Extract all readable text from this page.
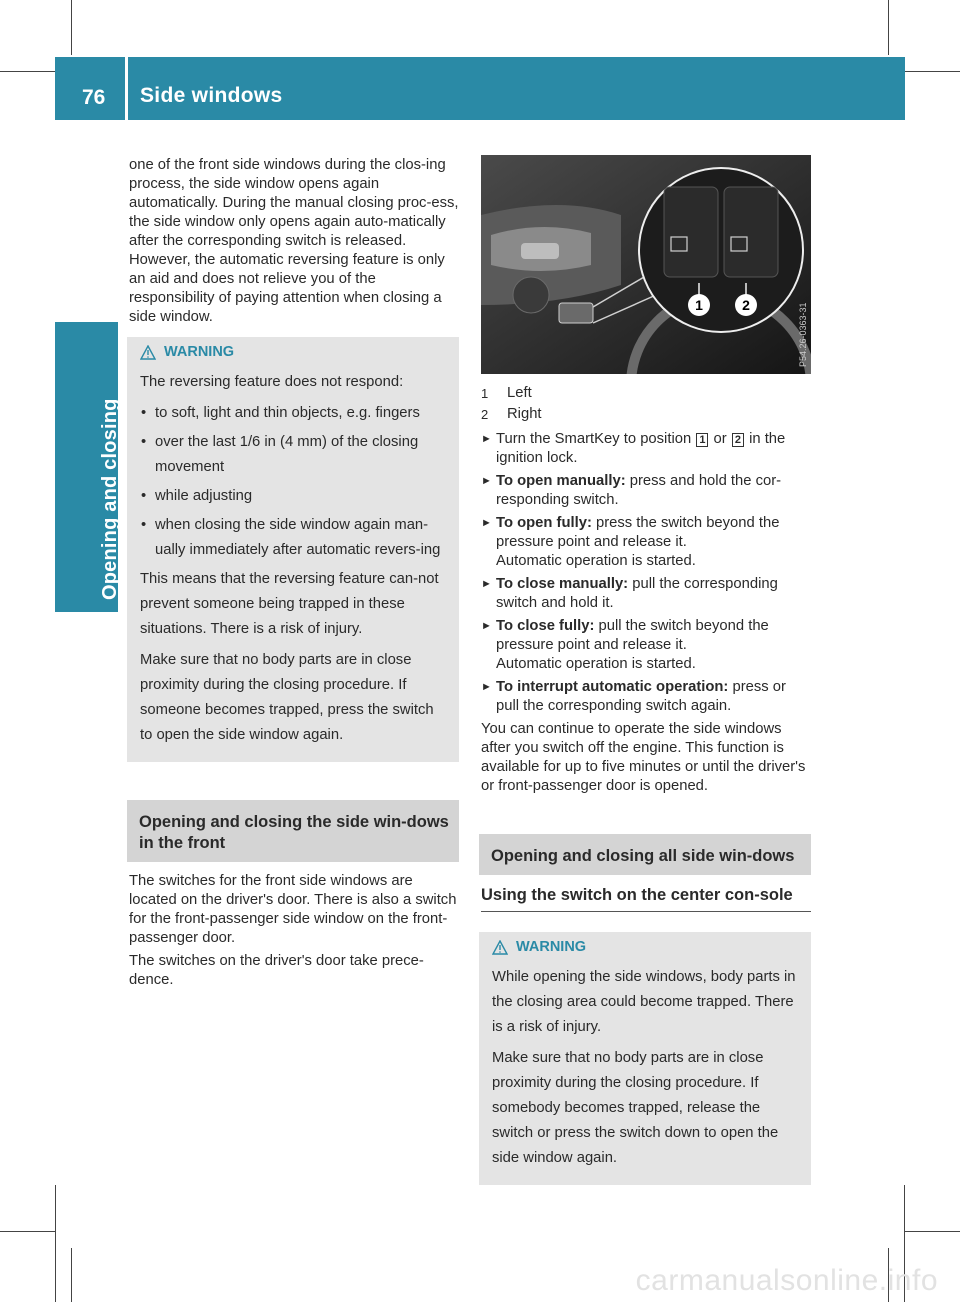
76 Side windows
Opening and closing

one of the front side windows during the clos-ing process, the side window opens again automatically. During the manual closing proc-ess, the side window only opens again auto-matically after the corresponding switch is released. However, the automatic reversing feature is only an aid and does not relieve you of the responsibility of paying attention when closing a side window.

WARNING

The reversing feature does not respond:

• to soft, light and thin objects, e.g. fingers
• over the last 1/6 in (4 mm) of the closing movement
• while adjusting
• when closing the side window again man-ually immediately after automatic revers-ing

This means that the reversing feature can-not prevent someone being trapped in these situations. There is a risk of injury.

Make sure that no body parts are in close proximity during the closing procedure. If someone becomes trapped, press the switch to open the side window again.

Opening and closing the side win-dows in the front

The switches for the front side windows are located on the driver's door. There is also a switch for the front-passenger side window on the front-passenger door.

The switches on the driver's door take prece-dence.

1	2	P54.26-0363-31
1	Left
2	Right
► Turn the SmartKey to position 1 or 2 in the ignition lock.
► To open manually: press and hold the cor-responding switch.
► To open fully: press the switch beyond the pressure point and release it.
Automatic operation is started.
► To close manually: pull the corresponding switch and hold it.
► To close fully: pull the switch beyond the pressure point and release it.
Automatic operation is started.
► To interrupt automatic operation: press or pull the corresponding switch again.

You can continue to operate the side windows after you switch off the engine. This function is available for up to five minutes or until the driver's or front-passenger door is opened.

Opening and closing all side win-dows
Using the switch on the center con-sole
WARNING

While opening the side windows, body parts in the closing area could become trapped. There is a risk of injury.

Make sure that no body parts are in close proximity during the closing procedure. If somebody becomes trapped, release the switch or press the switch down to open the side window again.

carmanualsonline.info
